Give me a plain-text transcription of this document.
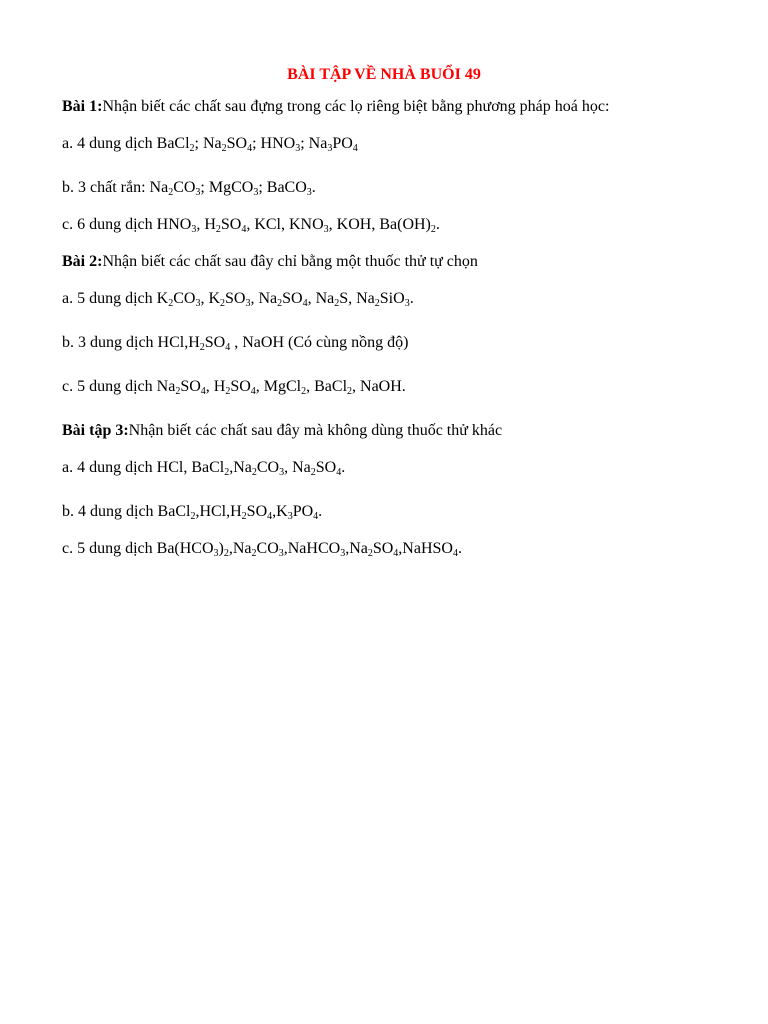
BÀI TẬP VỀ NHÀ BUỔI 49

Bài 1:Nhận biết các chất sau đựng trong các lọ riêng biệt bằng phương pháp hoá học:

a. 4 dung dịch BaCl$_2$; $Na_2SO_4$; $HNO_3$; $Na_3PO_4$

b. 3 chất rắn: $Na_2CO_3$; MgCO$_3$; BaCO$_3$.

c. 6 dung dịch $HNO_3$, $H_2SO_4$, KCl, $KNO_3$, KOH, $Ba(OH)_2$.

Bài 2:Nhận biết các chất sau đây chỉ bằng một thuốc thử tự chọn

a. 5 dung dịch $K_2CO_3$, $K_2SO_3$, $Na_2SO_4$, $Na_2S$, $Na_2SiO_3$.

b. 3 dung dịch $HCl,H_2SO_4$ , NaOH (Có cùng nồng độ)

c. 5 dung dịch $Na_2SO_4$, $H_2SO_4$, MgCl$_2$, BaCl$_2$, NaOH.

Bài tập 3:Nhận biết các chất sau đây mà không dùng thuốc thử khác

a. 4 dung dịch HCl, $BaCl_2,Na_2CO_3$, $Na_2SO_4$.

b. 4 dung dịch $BaCl_2,HCl,H_2SO_4,K_3PO_4$.

c. 5 dung dịch $Ba(HCO_3)_2,Na_2CO_3,NaHCO_3,Na_2SO_4,NaHSO_4$.
